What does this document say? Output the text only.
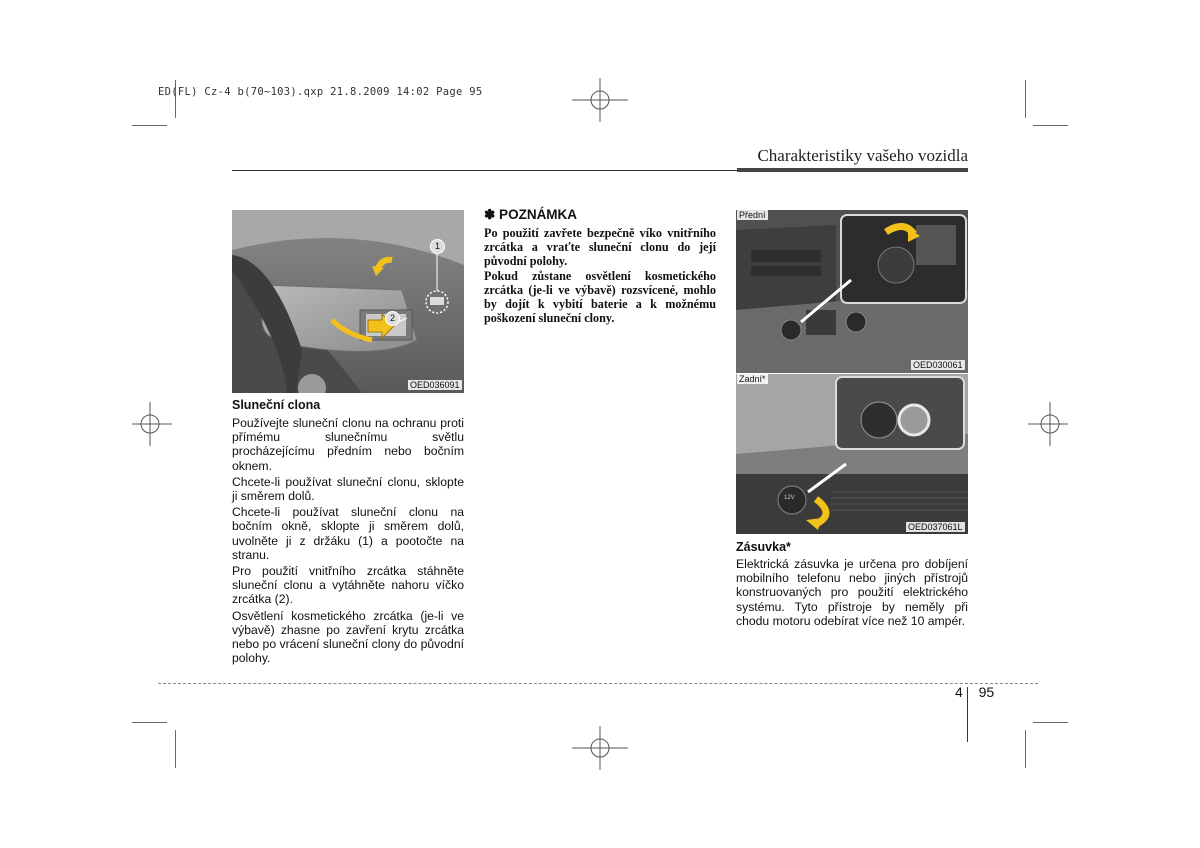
ED(FL) Cz-4 b(70~103).qxp 21.8.2009 14:02 Page 95
Charakteristiky vašeho vozidla
1
2
OED036091
Sluneční clona

Používejte sluneční clonu na ochranu proti přímému slunečnímu světlu procházejícímu předním nebo bočním oknem.

Chcete-li používat sluneční clonu, sklopte ji směrem dolů.

Chcete-li používat sluneční clonu na bočním okně, sklopte ji směrem dolů, uvolněte ji z držáku (1) a pootočte na stranu.

Pro použití vnitřního zrcátka stáhněte sluneční clonu a vytáhněte nahoru víčko zrcátka (2).

Osvětlení kosmetického zrcátka (je-li ve výbavě) zhasne po zavření krytu zrcátka nebo po vrácení sluneční clony do původní polohy.

✽ POZNÁMKA

Po použití zavřete bezpečně víko vnitřního zrcátka a vraťte sluneční clonu do její původní polohy.

Pokud zůstane osvětlení kosmetického zrcátka (je-li ve výbavě) rozsvícené, mohlo by dojít k vybití baterie a k možnému poškození sluneční clony.

Přední
OED030061
12V
Zadní*
OED037061L
Zásuvka*

Elektrická zásuvka je určena pro dobíjení mobilního telefonu nebo jiných přístrojů konstruovaných pro použití elektrického systému. Tyto přístroje by neměly při chodu motoru odebírat více než 10 ampér.

4 95
